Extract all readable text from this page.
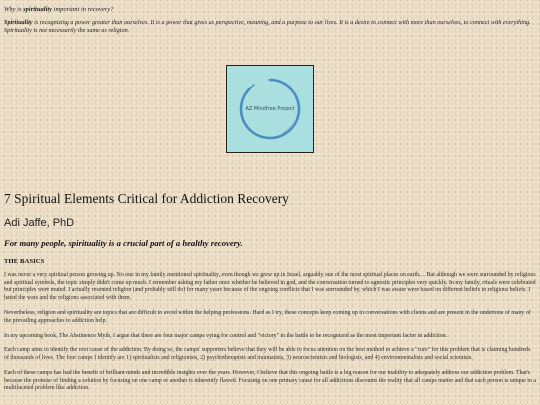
Why is spirituality important in recovery?

Spirituality is recognizing a power greater than ourselves. It is a power that gives us perspective, meaning, and a purpose to our lives. It is a desire to connect with more than ourselves, to connect with everything. Spirituality is not necessarily the same as religion.

AZ Mindfree Project
7 Spiritual Elements Critical for Addiction Recovery
Adi Jaffe, PhD
For many people, spirituality is a crucial part of a healthy recovery.
THE BASICS

I was never a very spiritual person growing up. No one in my family mentioned spirituality, even though we grew up in Israel, arguably one of the most spiritual places on earth… But although we were surrounded by religious and spiritual symbols, the topic simply didn't come up much. I remember asking my father once whether he believed in god, and the conversation turned to agnostic principles very quickly. In my family, rituals were celebrated but principles were muted. I actually resented religion (and probably still do) for many years because of the ongoing conflicts that I was surrounded by, which I was aware were based on different beliefs in religious beliefs. I hated the wars and the religions associated with them.

Nevertheless, religion and spirituality are topics that are difficult to avoid within the helping professions. Hard as I try, these concepts keep coming up in conversations with clients and are present in the undertone of many of the prevailing approaches to addiction help.

In my upcoming book, The Abstinence Myth, I argue that there are four major camps vying for control and "victory" in the battle to be recognized as the most important factor in addiction.

Each camp aims to identify the root cause of the addiction. By doing so, the camps' supporters believe that they will be able to focus attention on the best method to achieve a "cure" for this problem that is claiming hundreds of thousands of lives. The four camps I identify are 1) spiritualists and religionists, 2) psychotherapists and traumatists, 3) neuroscientists and biologists, and 4) environmentalists and social scientists.

Each of these camps has had the benefit of brilliant minds and incredible insights over the years. However, I believe that this ongoing battle is a big reason for our inability to adequately address our addiction problem. That's because the promise of finding a solution by focusing on one camp or another is inherently flawed. Focusing on one primary cause for all addictions discounts the reality that all camps matter and that each person is unique in a multifaceted problem like addiction.
